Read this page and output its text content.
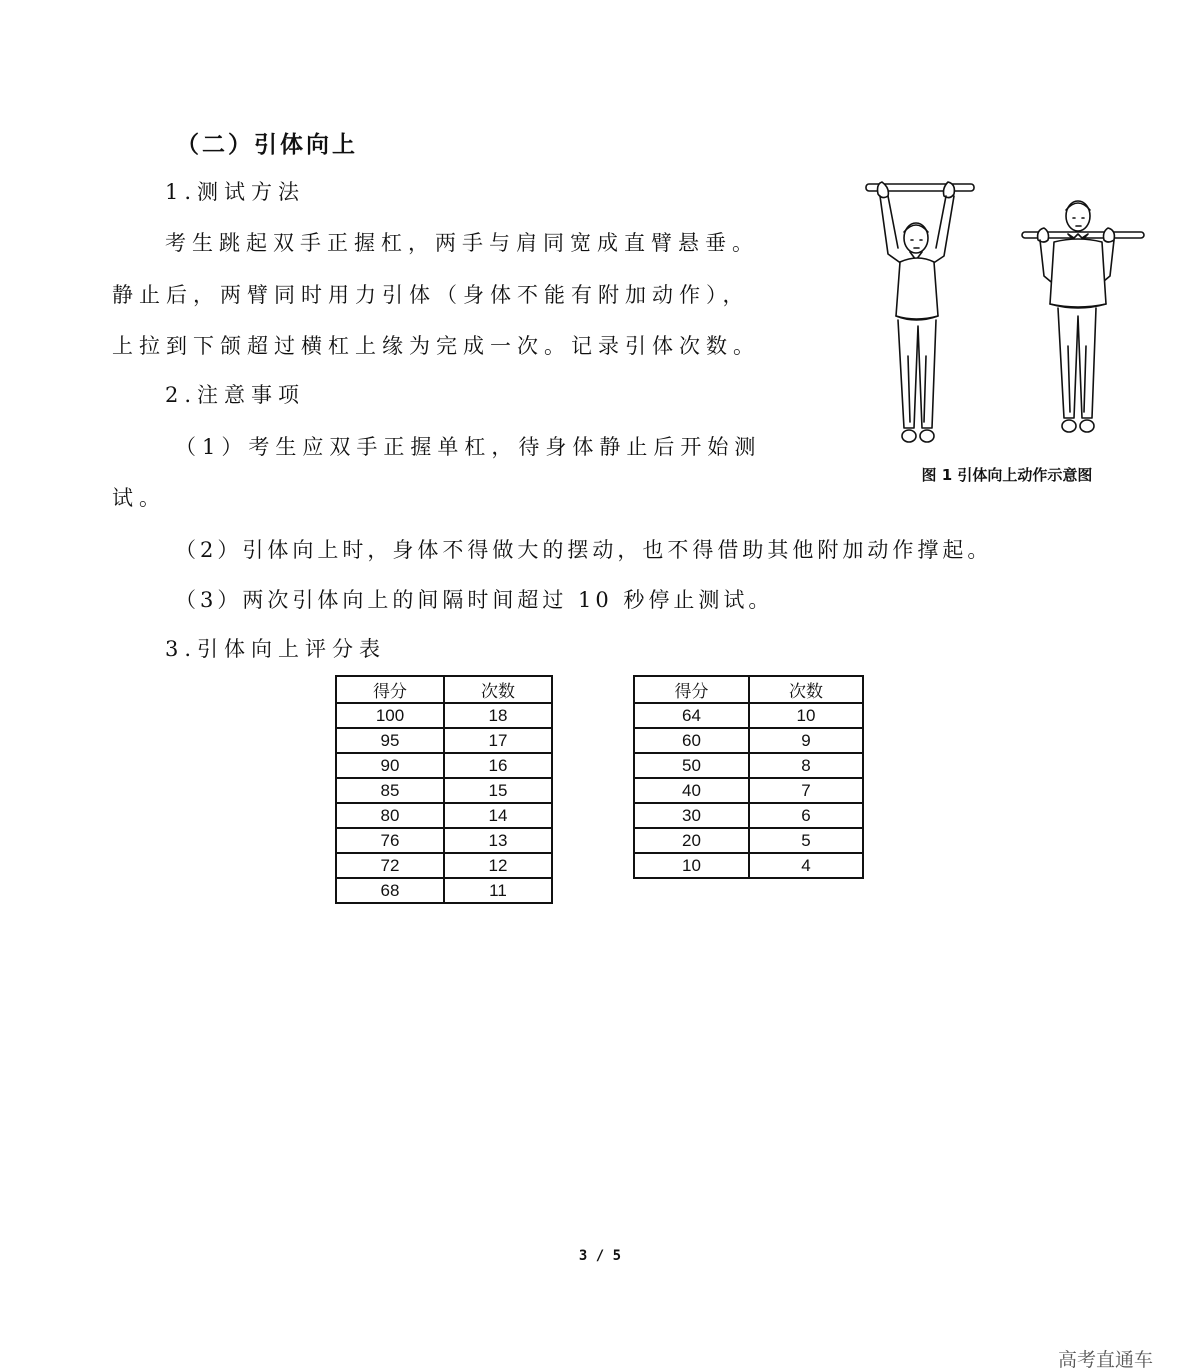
（二）引体向上
1.测试方法
考生跳起双手正握杠，两手与肩同宽成直臂悬垂。
静止后，两臂同时用力引体（身体不能有附加动作），
上拉到下颌超过横杠上缘为完成一次。记录引体次数。
2.注意事项
（1）考生应双手正握单杠，待身体静止后开始测
试。
（2）引体向上时，身体不得做大的摆动，也不得借助其他附加动作撑起。
（3）两次引体向上的间隔时间超过 10 秒停止测试。
3.引体向上评分表
图 1 引体向上动作示意图
得分	次数
100	18
95	17
90	16
85	15
80	14
76	13
72	12
68	11
得分	次数
64	10
60	9
50	8
40	7
30	6
20	5
10	4
3 / 5
高考直通车
